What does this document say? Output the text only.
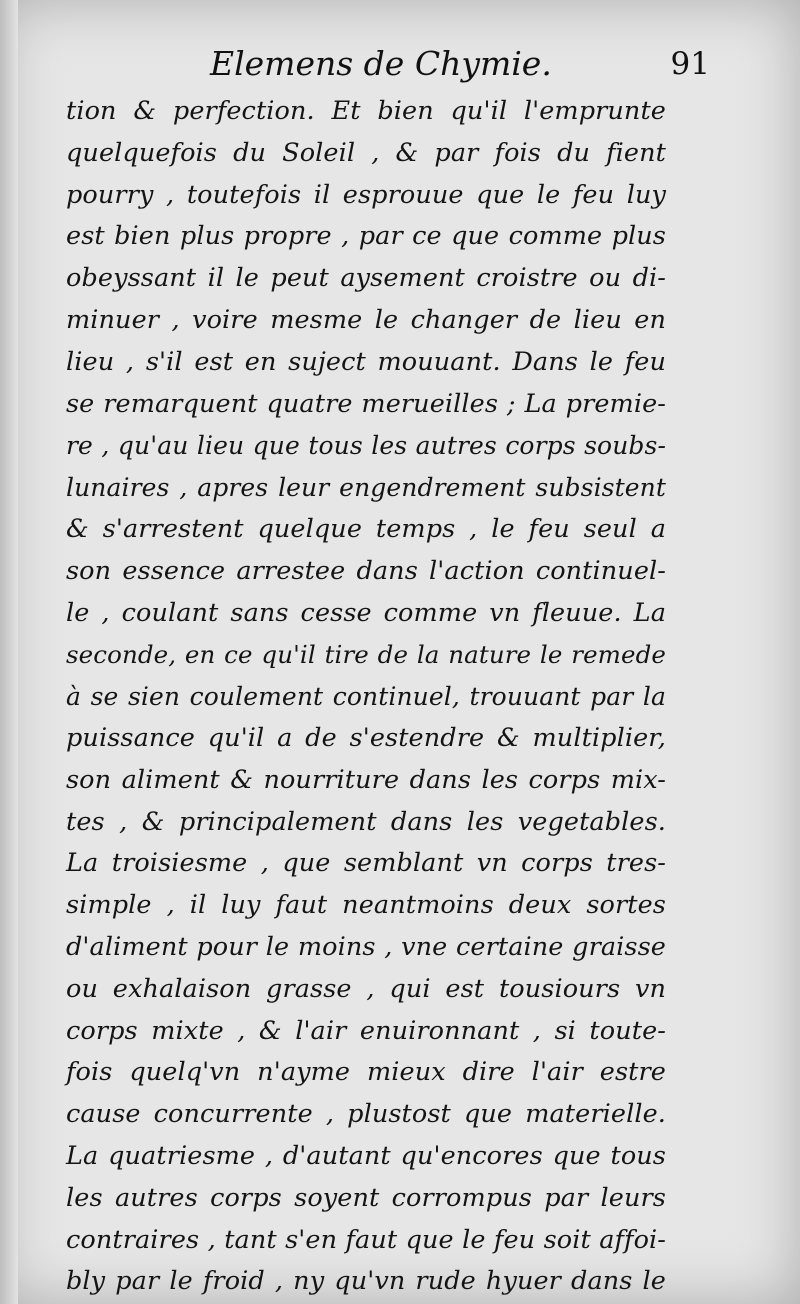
Elemens de Chymie.	91
tion & perfection. Et bien qu'il l'emprunte
quelquefois du Soleil , & par fois du fient
pourry , toutefois il esprouue que le feu luy
est bien plus propre , par ce que comme plus
obeyssant il le peut aysement croistre ou di-
minuer , voire mesme le changer de lieu en
lieu , s'il est en suject mouuant. Dans le feu
se remarquent quatre merueilles ; La premie-
re , qu'au lieu que tous les autres corps soubs-
lunaires , apres leur engendrement subsistent
& s'arrestent quelque temps , le feu seul a
son essence arrestee dans l'action continuel-
le , coulant sans cesse comme vn fleuue. La
seconde, en ce qu'il tire de la nature le remede
à se sien coulement continuel, trouuant par la
puissance qu'il a de s'estendre & multiplier,
son aliment & nourriture dans les corps mix-
tes , & principalement dans les vegetables.
La troisiesme , que semblant vn corps tres-
simple , il luy faut neantmoins deux sortes
d'aliment pour le moins , vne certaine graisse
ou exhalaison grasse , qui est tousiours vn
corps mixte , & l'air enuironnant , si toute-
fois quelq'vn n'ayme mieux dire l'air estre
cause concurrente , plustost que materielle.
La quatriesme , d'autant qu'encores que tous
les autres corps soyent corrompus par leurs
contraires , tant s'en faut que le feu soit affoi-
bly par le froid , ny qu'vn rude hyuer dans le
